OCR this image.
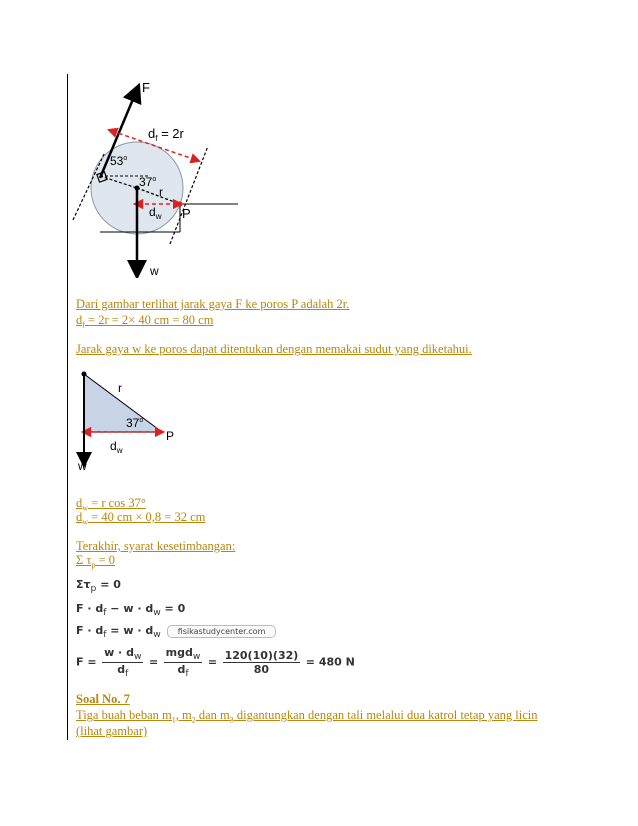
F
$d_f = 2r$
53$^o$
37$^o$
r
$d_w$ P
w
Dari gambar terlihat jarak gaya F ke poros P adalah 2r.
$d_f = 2r = 2\times 40$ cm = 80 cm
Jarak gaya w ke poros dapat ditentukan dengan memakai sudut yang diketahui.
r
37$^o$
P
$d_w$
w
$d_w = r$ cos 37°
$d_w = 40$ cm × 0,8 = 32 cm
Terakhir, syarat kesetimbangan:
Σ $\tau_p = 0$
$\Sigma\tau_p = 0$
$F \cdot d_f - w \cdot d_w = 0$
$F \cdot d_f = w \cdot d_w$ fisikastudycenter.com
$F = \frac{w \cdot d_w}{d_f} = \frac{mgd_w}{d_f} = \frac{120(10)(32)}{80} = 480$ N
Soal No. 7
Tiga buah beban $m_1$, $m_2$ dan $m_3$ digantungkan dengan tali melalui dua katrol tetap yang licin
(lihat gambar)
